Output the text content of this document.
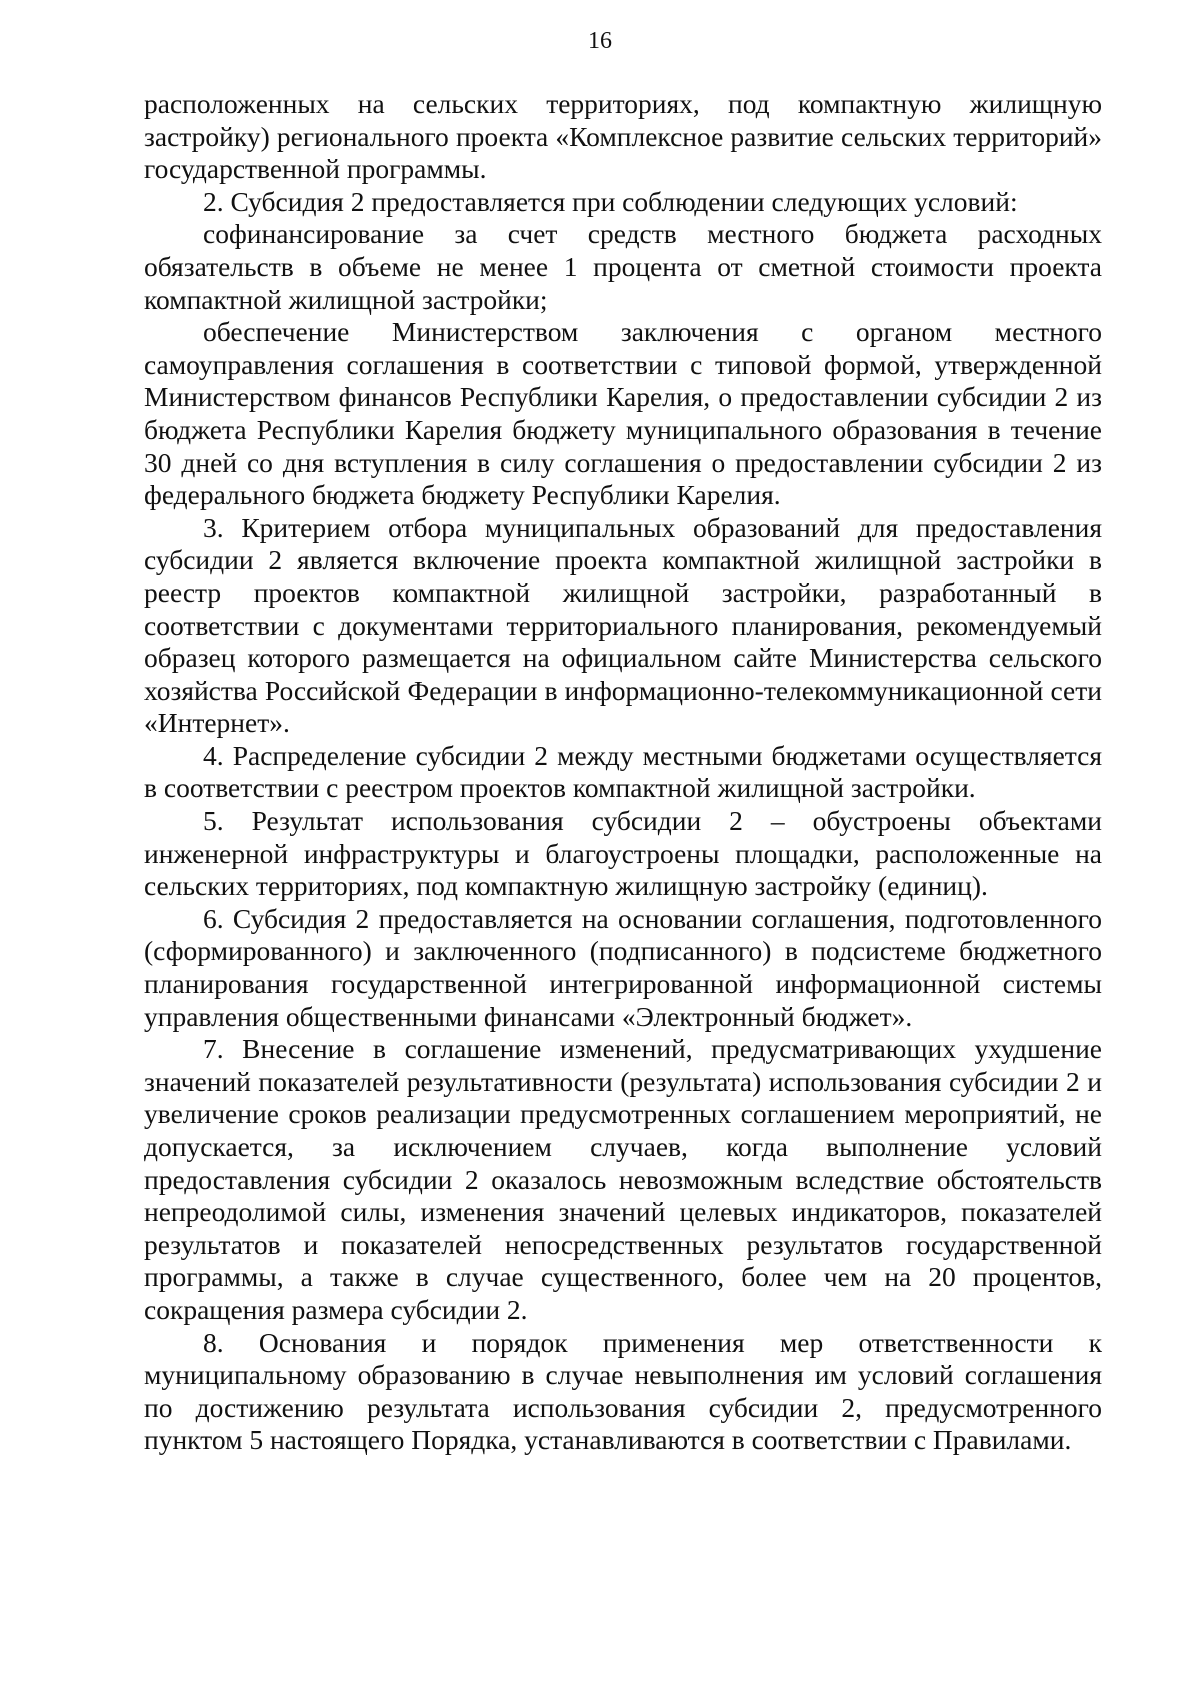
16

расположенных на сельских территориях, под компактную жилищную застройку) регионального проекта «Комплексное развитие сельских территорий» государственной программы.

2. Субсидия 2 предоставляется при соблюдении следующих условий:

софинансирование за счет средств местного бюджета расходных обязательств в объеме не менее 1 процента от сметной стоимости проекта компактной жилищной застройки;

обеспечение Министерством заключения с органом местного самоуправления соглашения в соответствии с типовой формой, утвержденной Министерством финансов Республики Карелия, о предоставлении субсидии 2 из бюджета Республики Карелия бюджету муниципального образования в течение 30 дней со дня вступления в силу соглашения о предоставлении субсидии 2 из федерального бюджета бюджету Республики Карелия.

3. Критерием отбора муниципальных образований для предоставления субсидии 2 является включение проекта компактной жилищной застройки в реестр проектов компактной жилищной застройки, разработанный в соответствии с документами территориального планирования, рекомендуемый образец которого размещается на официальном сайте Министерства сельского хозяйства Российской Федерации в информационно-телекоммуникационной сети «Интернет».

4. Распределение субсидии 2 между местными бюджетами осуществляется в соответствии с реестром проектов компактной жилищной застройки.

5. Результат использования субсидии 2 – обустроены объектами инженерной инфраструктуры и благоустроены площадки, расположенные на сельских территориях, под компактную жилищную застройку (единиц).

6. Субсидия 2 предоставляется на основании соглашения, подготовленного (сформированного) и заключенного (подписанного) в подсистеме бюджетного планирования государственной интегрированной информационной системы управления общественными финансами «Электронный бюджет».

7. Внесение в соглашение изменений, предусматривающих ухудшение значений показателей результативности (результата) использования субсидии 2 и увеличение сроков реализации предусмотренных соглашением мероприятий, не допускается, за исключением случаев, когда выполнение условий предоставления субсидии 2 оказалось невозможным вследствие обстоятельств непреодолимой силы, изменения значений целевых индикаторов, показателей результатов и показателей непосредственных результатов государственной программы, а также в случае существенного, более чем на 20 процентов, сокращения размера субсидии 2.

8. Основания и порядок применения мер ответственности к муниципальному образованию в случае невыполнения им условий соглашения по достижению результата использования субсидии 2, предусмотренного пунктом 5 настоящего Порядка, устанавливаются в соответствии с Правилами.
